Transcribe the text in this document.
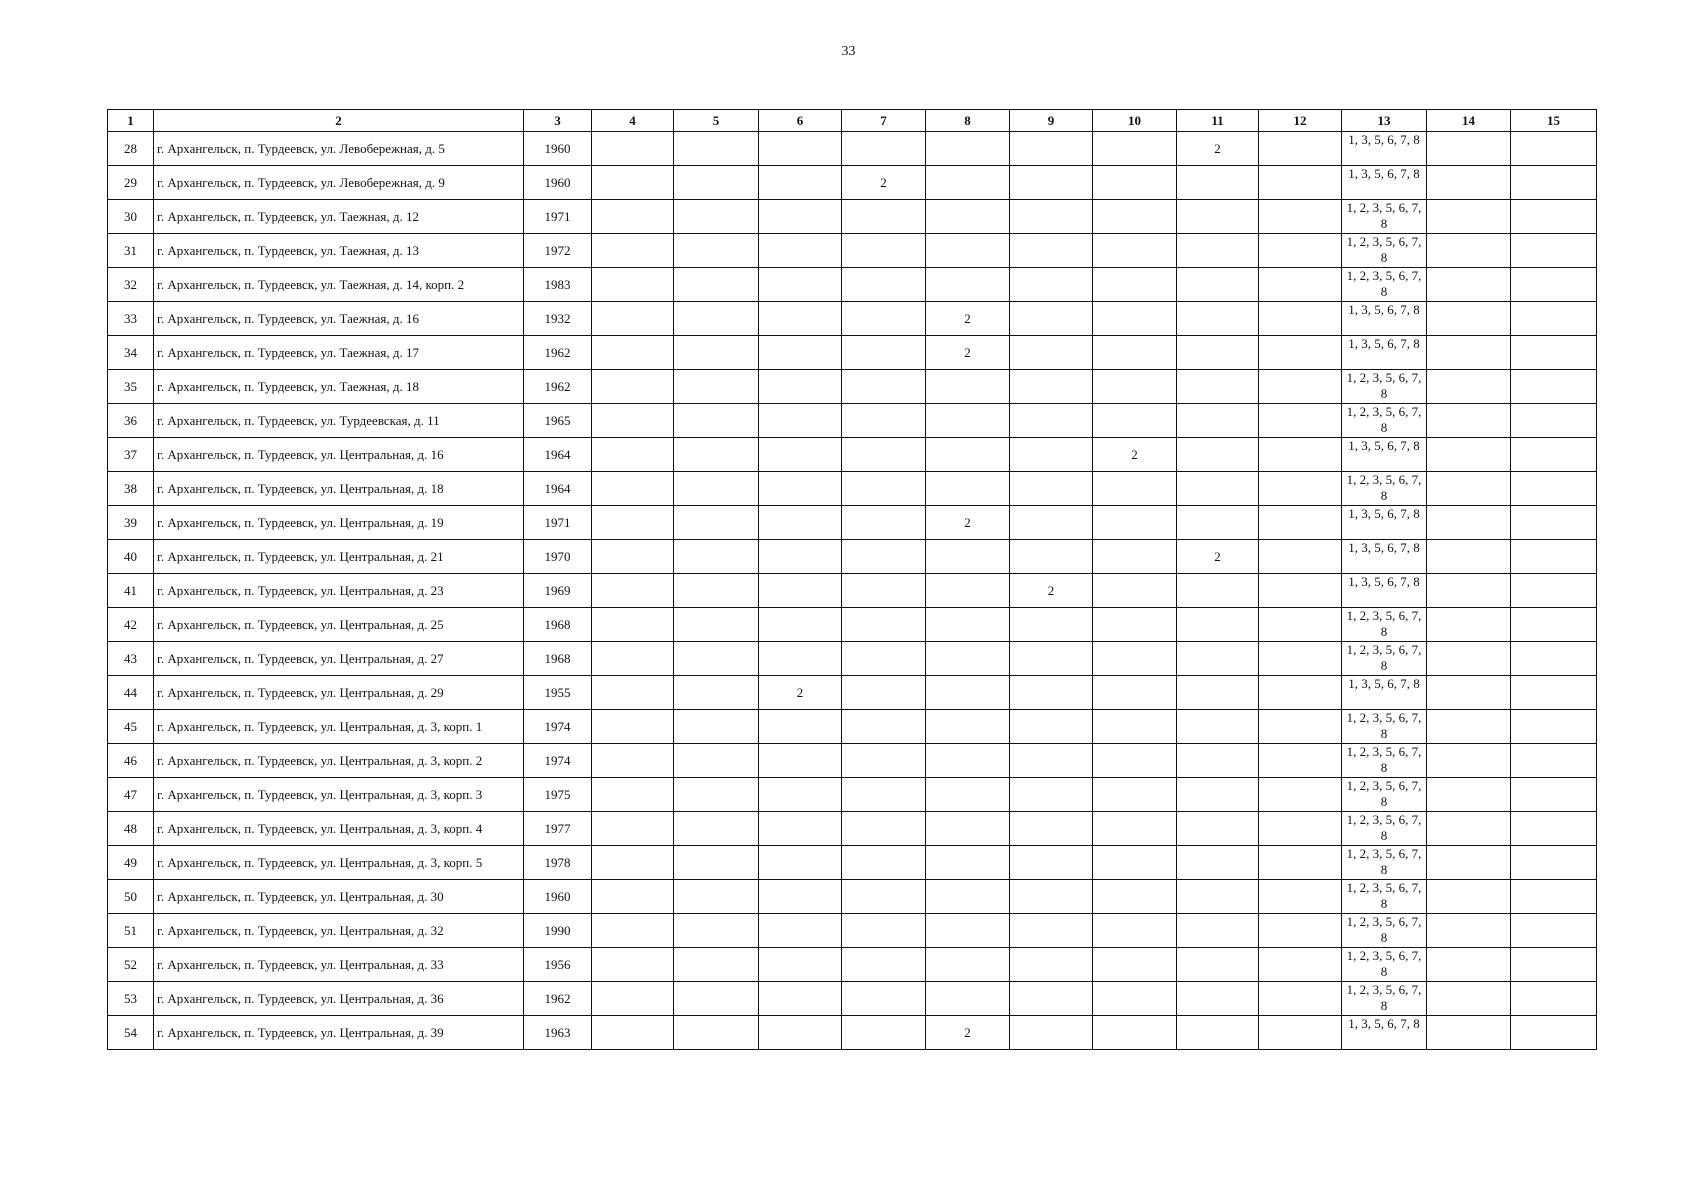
33
1	2	3	4	5	6	7	8	9	10	11	12	13	14	15
28	г. Архангельск, п. Турдеевск, ул. Левобережная, д. 5	1960								2		1, 3, 5, 6, 7, 8		
29	г. Архангельск, п. Турдеевск, ул. Левобережная, д. 9	1960				2						1, 3, 5, 6, 7, 8		
30	г. Архангельск, п. Турдеевск, ул. Таежная, д. 12	1971										1, 2, 3, 5, 6, 7, 8		
31	г. Архангельск, п. Турдеевск, ул. Таежная, д. 13	1972										1, 2, 3, 5, 6, 7, 8		
32	г. Архангельск, п. Турдеевск, ул. Таежная, д. 14, корп. 2	1983										1, 2, 3, 5, 6, 7, 8		
33	г. Архангельск, п. Турдеевск, ул. Таежная, д. 16	1932					2					1, 3, 5, 6, 7, 8		
34	г. Архангельск, п. Турдеевск, ул. Таежная, д. 17	1962					2					1, 3, 5, 6, 7, 8		
35	г. Архангельск, п. Турдеевск, ул. Таежная, д. 18	1962										1, 2, 3, 5, 6, 7, 8		
36	г. Архангельск, п. Турдеевск, ул. Турдеевская, д. 11	1965										1, 2, 3, 5, 6, 7, 8		
37	г. Архангельск, п. Турдеевск, ул. Центральная, д. 16	1964							2			1, 3, 5, 6, 7, 8		
38	г. Архангельск, п. Турдеевск, ул. Центральная, д. 18	1964										1, 2, 3, 5, 6, 7, 8		
39	г. Архангельск, п. Турдеевск, ул. Центральная, д. 19	1971					2					1, 3, 5, 6, 7, 8		
40	г. Архангельск, п. Турдеевск, ул. Центральная, д. 21	1970								2		1, 3, 5, 6, 7, 8		
41	г. Архангельск, п. Турдеевск, ул. Центральная, д. 23	1969						2				1, 3, 5, 6, 7, 8		
42	г. Архангельск, п. Турдеевск, ул. Центральная, д. 25	1968										1, 2, 3, 5, 6, 7, 8		
43	г. Архангельск, п. Турдеевск, ул. Центральная, д. 27	1968										1, 2, 3, 5, 6, 7, 8		
44	г. Архангельск, п. Турдеевск, ул. Центральная, д. 29	1955			2							1, 3, 5, 6, 7, 8		
45	г. Архангельск, п. Турдеевск, ул. Центральная, д. 3, корп. 1	1974										1, 2, 3, 5, 6, 7, 8		
46	г. Архангельск, п. Турдеевск, ул. Центральная, д. 3, корп. 2	1974										1, 2, 3, 5, 6, 7, 8		
47	г. Архангельск, п. Турдеевск, ул. Центральная, д. 3, корп. 3	1975										1, 2, 3, 5, 6, 7, 8		
48	г. Архангельск, п. Турдеевск, ул. Центральная, д. 3, корп. 4	1977										1, 2, 3, 5, 6, 7, 8		
49	г. Архангельск, п. Турдеевск, ул. Центральная, д. 3, корп. 5	1978										1, 2, 3, 5, 6, 7, 8		
50	г. Архангельск, п. Турдеевск, ул. Центральная, д. 30	1960										1, 2, 3, 5, 6, 7, 8		
51	г. Архангельск, п. Турдеевск, ул. Центральная, д. 32	1990										1, 2, 3, 5, 6, 7, 8		
52	г. Архангельск, п. Турдеевск, ул. Центральная, д. 33	1956										1, 2, 3, 5, 6, 7, 8		
53	г. Архангельск, п. Турдеевск, ул. Центральная, д. 36	1962										1, 2, 3, 5, 6, 7, 8		
54	г. Архангельск, п. Турдеевск, ул. Центральная, д. 39	1963					2					1, 3, 5, 6, 7, 8		
